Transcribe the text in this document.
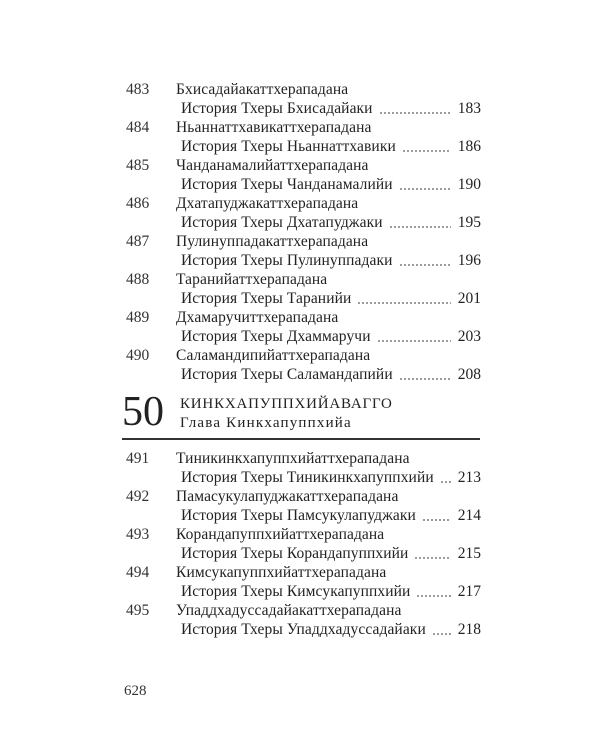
483	Бхисадайакаттхерападана
История Тхеры Бхисадайаки	183
484	Ньаннаттхавикаттхерападана
История Тхеры Ньаннаттхавики	186
485	Чанданамалийаттхерападана
История Тхеры Чанданамалийи	190
486	Дхатапуджакаттхерападана
История Тхеры Дхатапуджаки	195
487	Пулинуппадакаттхерападана
История Тхеры Пулинуппадаки	196
488	Таранийаттхерападана
История Тхеры Таранийи	201
489	Дхамаручиттхерападана
История Тхеры Дхаммаручи	203
490	Саламандипийаттхерападана
История Тхеры Саламандапийи	208
50 КИНКХАПУППХИЙАВАГГО
Глава Кинкхапуппхийа
491	Тиникинкхапуппхийаттхерападана
История Тхеры Тиникинкхапуппхийи 213
492	Памасукулапуджакаттхерападана
История Тхеры Памсукулапуджаки	214
493	Корандапуппхийаттхерападана
История Тхеры Корандапуппхийи	215
494	Кимсукапуппхийаттхерападана
История Тхеры Кимсукапуппхийи	217
495	Упаддхадуссадайакаттхерападана
История Тхеры Упаддхадуссадайаки 218
628
